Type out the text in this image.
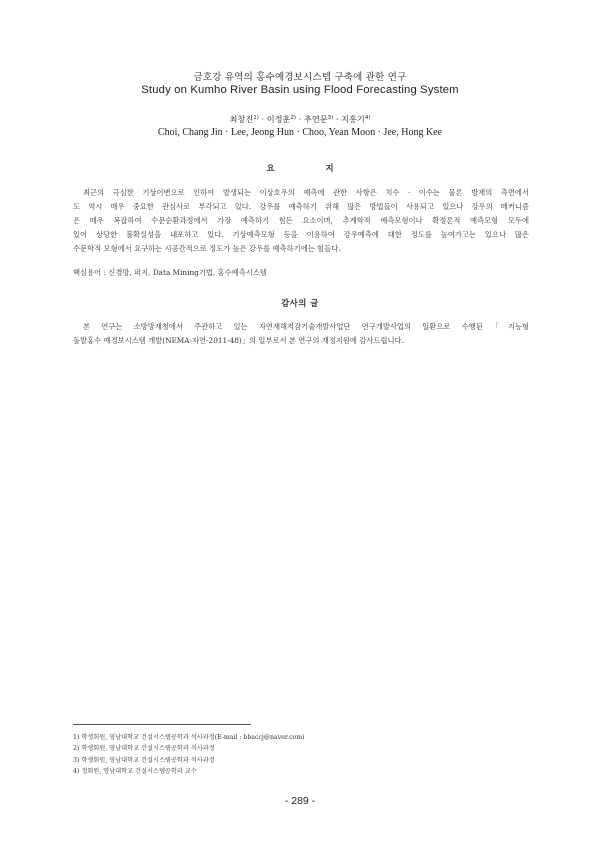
금호강 유역의 홍수예경보시스템 구축에 관한 연구
Study on Kumho River Basin using Flood Forecasting System
최창진$^{1)}$ · 이정훈$^{2)}$ · 추연문$^{3)}$ · 지홍기$^{4)}$
Choi, Chang Jin · Lee, Jeong Hun · Choo, Yean Moon · Jee, Hong Kee
요 지
최근의 극심한 기상이변으로 인하여 발생되는 이상호우의 예측에 관한 사항은 치수 · 이수는 물론 방재의 측면에서
도 역시 매우 중요한 관심사로 부각되고 있다. 강우를 예측하기 위해 많은 방법들이 사용되고 있으나 강우의 메커니즘
은 매우 복잡하여 수문순환과정에서 가장 예측하기 힘든 요소이며, 추계학적 예측모형이나 확정론적 예측모형 모두에
있어 상당한 불확실성을 내포하고 있다. 기상예측모형 등을 이용하여 강우예측에 대한 정도를 높여가고는 있으나 많은
수문학적 모형에서 요구하는 시공간적으로 정도가 높은 강우를 예측하기에는 힘들다.
핵심용어 : 신경망, 퍼지, Data Mining기법, 홍수예측시스템
감사의 글
본 연구는 소방방재청에서 주관하고 있는 자연재해저감기술개발사업단 연구개발사업의 일환으로 수행된「지능형
돌발홍수 예경보시스템 개발(NEMA-자연-2011-48)」의 일부로서 본 연구의 재정지원에 감사드립니다.
1) 학생회원, 영남대학교 건설시스템공학과 석사과정(E-mail : bbaccj@naver.com)
2) 학생회원, 영남대학교 건설시스템공학과 석사과정
3) 학생회원, 영남대학교 건설시스템공학과 석사과정
4) 정회원, 영남대학교 건설시스템공학과 교수
- 289 -
